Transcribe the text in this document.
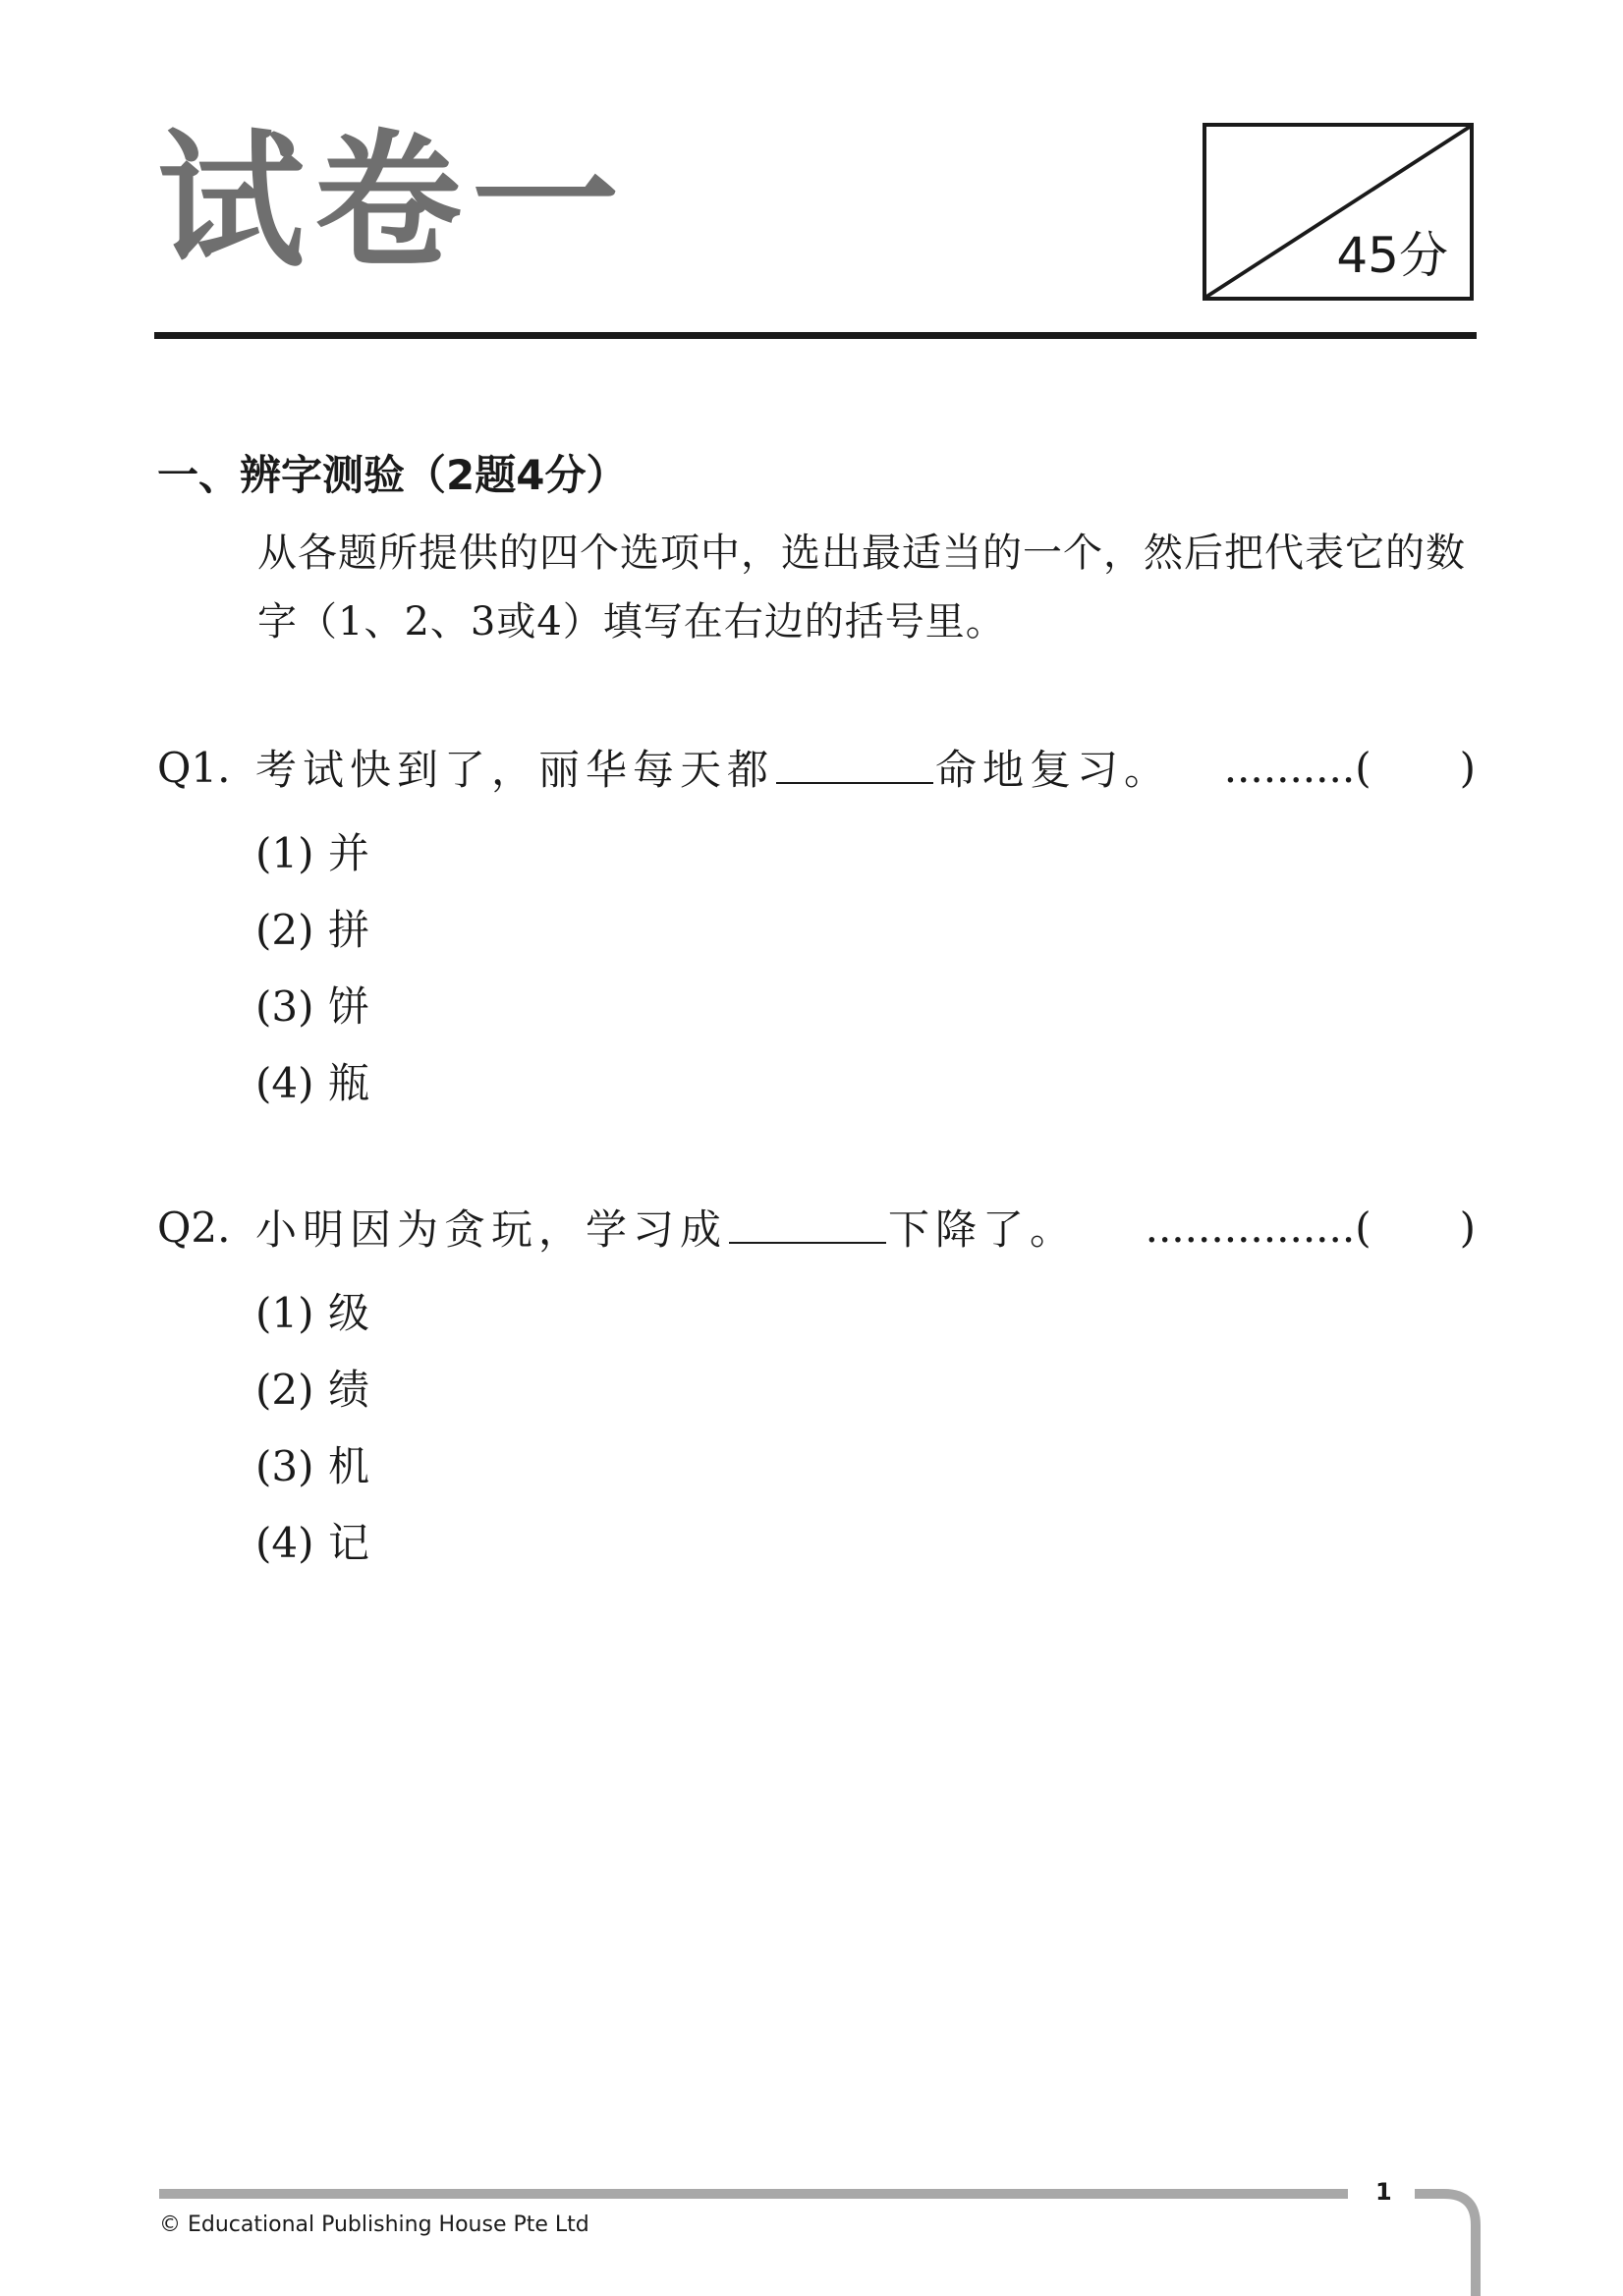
试卷一	45分
一、辨字测验（2题4分）
从各题所提供的四个选项中，选出最适当的一个，然后把代表它的数字（1、2、3或4）填写在右边的括号里。
Q1. 考试快到了，丽华每天都	命地复习。 ..........( )
(1) 并
(2) 拼
(3) 饼
(4) 瓶
Q2. 小明因为贪玩，学习成	下降了。 ................( )
(1) 级
(2) 绩
(3) 机
(4) 记
1
© Educational Publishing House Pte Ltd
